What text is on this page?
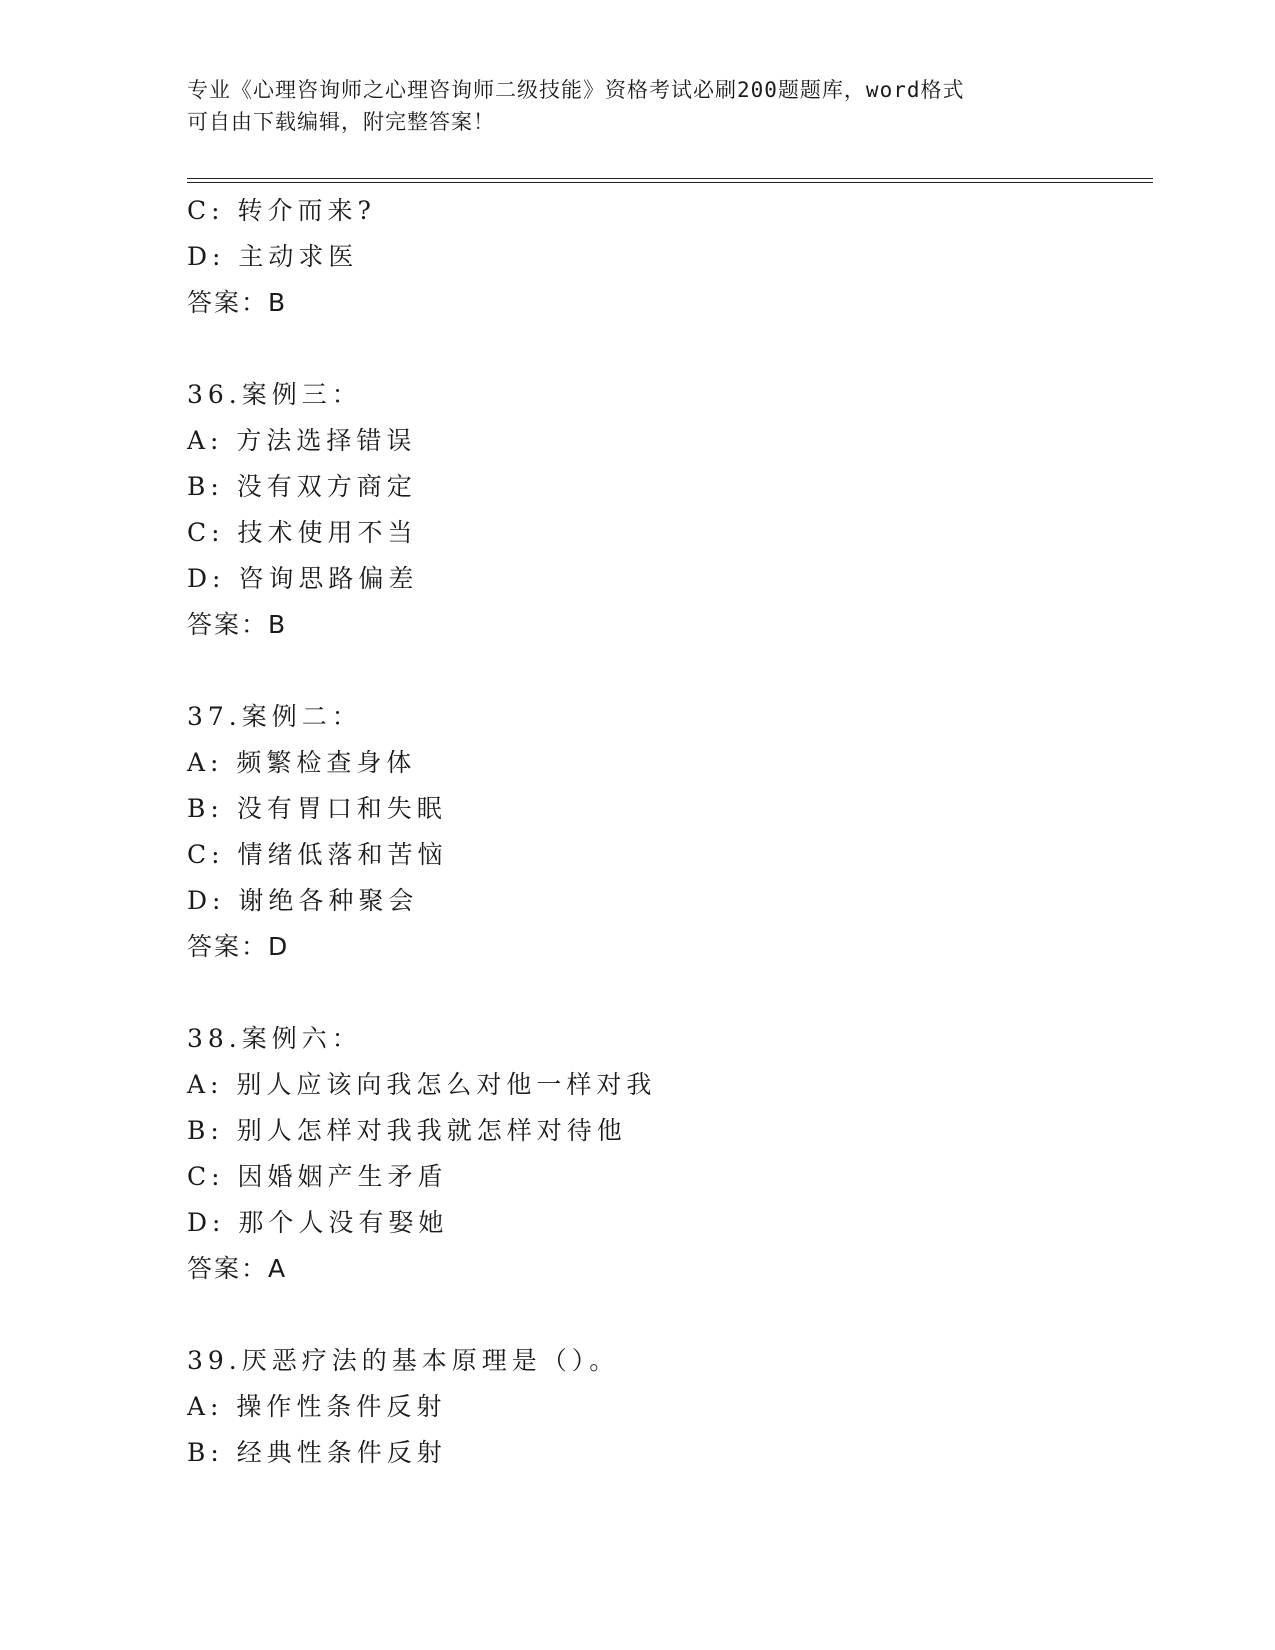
专业《心理咨询师之心理咨询师二级技能》资格考试必刷200题题库，word格式
可自由下载编辑，附完整答案！
C: 转介而来?
D: 主动求医
答案：B
36.案例三：
A: 方法选择错误
B: 没有双方商定
C: 技术使用不当
D: 咨询思路偏差
答案：B
37.案例二：
A: 频繁检查身体
B: 没有胃口和失眠
C: 情绪低落和苦恼
D: 谢绝各种聚会
答案：D
38.案例六：
A: 别人应该向我怎么对他一样对我
B: 别人怎样对我我就怎样对待他
C: 因婚姻产生矛盾
D: 那个人没有娶她
答案：A
39.厌恶疗法的基本原理是（）。
A: 操作性条件反射
B: 经典性条件反射
